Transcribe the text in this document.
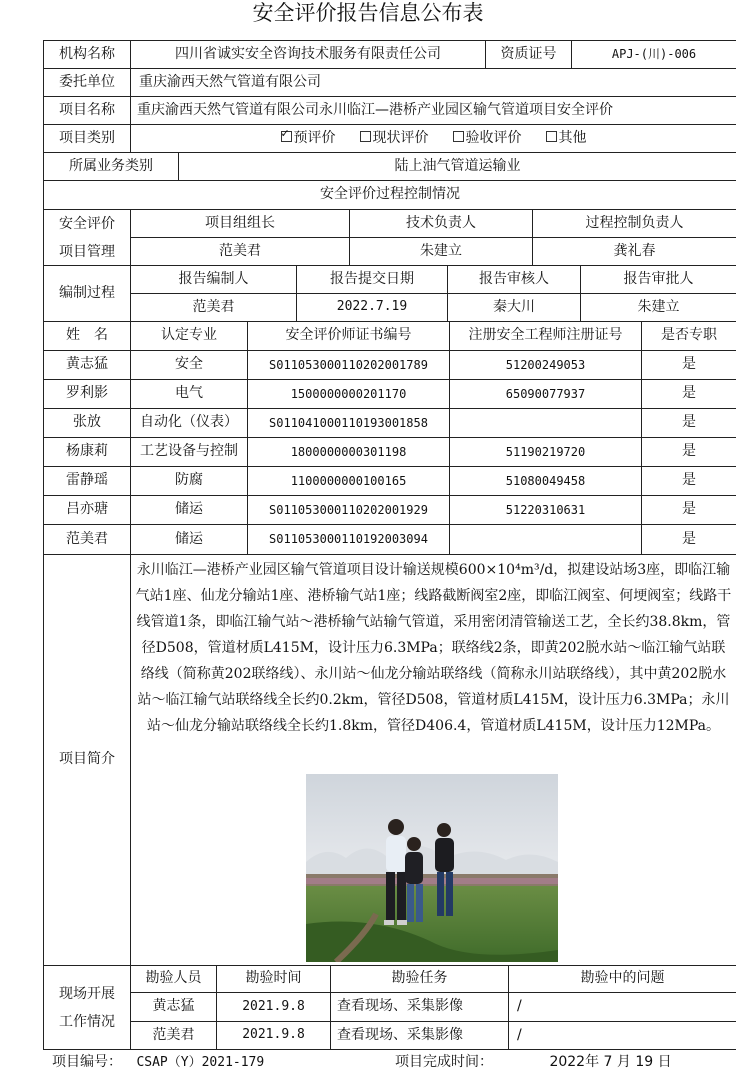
安全评价报告信息公布表
机构名称	四川省诚实安全咨询技术服务有限责任公司	资质证号	APJ-(川)-006
委托单位	重庆渝西天然气管道有限公司
项目名称	重庆渝西天然气管道有限公司永川临江—港桥产业园区输气管道项目安全评价
项目类别
✓	预评价	现状评价	验收评价	其他
所属业务类别	陆上油气管道运输业
安全评价过程控制情况
安全评价
项目管理
项目组组长	技术负责人	过程控制负责人
范美君	朱建立	龚礼春
编制过程
报告编制人	报告提交日期	报告审核人	报告审批人
范美君	2022.7.19	秦大川	朱建立
姓　名	认定专业	安全评价师证书编号	注册安全工程师注册证号	是否专职
黄志猛	安全	S011053000110202001789	51200249053	是
罗利影	电气	1500000000201170	65090077937	是
张放	自动化（仪表）	S011041000110193001858	是
杨康莉	工艺设备与控制	1800000000301198	51190219720	是
雷静瑶	防腐	1100000000100165	51080049458	是
吕亦瑭	储运	S011053000110202001929	51220310631	是
范美君	储运	S011053000110192003094	是
项目简介
永川临江—港桥产业园区输气管道项目设计输送规模600×10⁴m³/d，拟建设站场3座，即临江输气站1座、仙龙分输站1座、港桥输气站1座；线路截断阀室2座，即临江阀室、何埂阀室；线路干线管道1条，即临江输气站～港桥输气站输气管道，采用密闭清管输送工艺，全长约38.8km，管径D508，管道材质L415M，设计压力6.3MPa；联络线2条，即黄202脱水站～临江输气站联络线（简称黄202联络线）、永川站～仙龙分输站联络线（简称永川站联络线），其中黄202脱水站～临江输气站联络线全长约0.2km，管径D508，管道材质L415M，设计压力6.3MPa；永川站～仙龙分输站联络线全长约1.8km，管径D406.4，管道材质L415M，设计压力12MPa。
现场开展
工作情况
勘验人员	勘验时间	勘验任务	勘验中的问题
黄志猛	2021.9.8	查看现场、采集影像	/
范美君	2021.9.8	查看现场、采集影像	/
项目编号： CSAP（Y）2021-179	项目完成时间：	2022年 7 月 19 日
